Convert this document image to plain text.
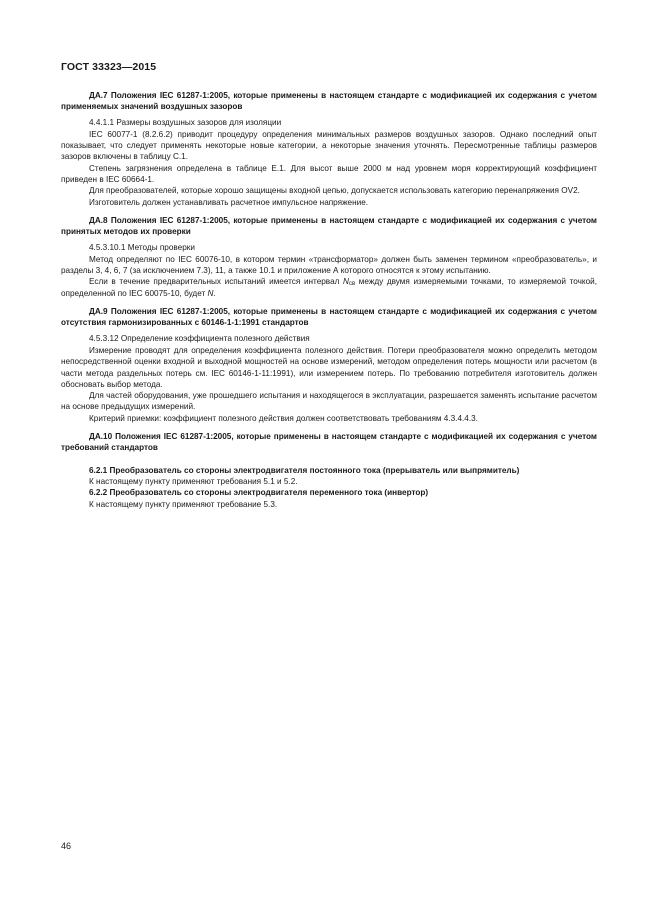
ГОСТ 33323—2015
ДА.7 Положения IEC 61287-1:2005, которые применены в настоящем стандарте с модификацией их содержания с учетом применяемых значений воздушных зазоров
4.4.1.1 Размеры воздушных зазоров для изоляции

IEC 60077-1 (8.2.6.2) приводит процедуру определения минимальных размеров воздушных зазоров. Однако последний опыт показывает, что следует применять некоторые новые категории, а некоторые значения уточнять. Пересмотренные таблицы размеров зазоров включены в таблицу С.1.

Степень загрязнения определена в таблице Е.1. Для высот выше 2000 м над уровнем моря корректирующий коэффициент приведен в IEC 60664-1.

Для преобразователей, которые хорошо защищены входной цепью, допускается использовать категорию перенапряжения OV2.

Изготовитель должен устанавливать расчетное импульсное напряжение.

ДА.8 Положения IEC 61287-1:2005, которые применены в настоящем стандарте с модификацией их содержания с учетом принятых методов их проверки
4.5.3.10.1 Методы проверки

Метод определяют по IEC 60076-10, в котором термин «трансформатор» должен быть заменен термином «преобразователь», и разделы 3, 4, 6, 7 (за исключением 7.3), 11, а также 10.1 и приложение А которого относятся к этому испытанию.

Если в течение предварительных испытаний имеется интервал $N_{cв}$ между двумя измеряемыми точками, то измеряемой точкой, определенной по IEC 60075-10, будет N.

ДА.9 Положения IEC 61287-1:2005, которые применены в настоящем стандарте с модификацией их содержания с учетом отсутствия гармонизированных с 60146-1-1:1991 стандартов
4.5.3.12 Определение коэффициента полезного действия

Измерение проводят для определения коэффициента полезного действия. Потери преобразователя можно определить методом непосредственной оценки входной и выходной мощностей на основе измерений, методом определения потерь мощности или расчетом (в части метода раздельных потерь см. IEC 60146-1-11:1991), или измерением потерь. По требованию потребителя изготовитель должен обосновать выбор метода.

Для частей оборудования, уже прошедшего испытания и находящегося в эксплуатации, разрешается заменять испытание расчетом на основе предыдущих измерений.

Критерий приемки: коэффициент полезного действия должен соответствовать требованиям 4.3.4.4.3.

ДА.10 Положения IEC 61287-1:2005, которые применены в настоящем стандарте с модификацией их содержания с учетом требований стандартов

6.2.1 Преобразователь со стороны электродвигателя постоянного тока (прерыватель или выпрямитель)

К настоящему пункту применяют требования 5.1 и 5.2.

6.2.2 Преобразователь со стороны электродвигателя переменного тока (инвертор)

К настоящему пункту применяют требование 5.3.

46
